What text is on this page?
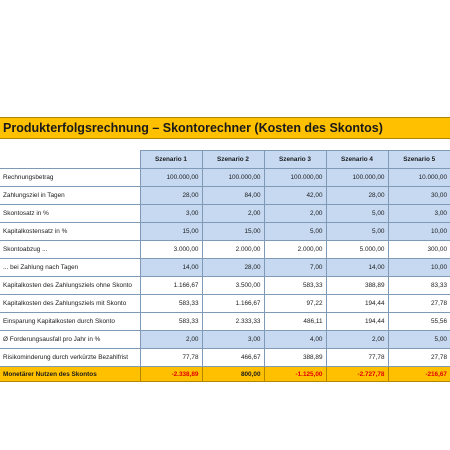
Produkterfolgsrechnung – Skontorechner (Kosten des Skontos)
	Szenario 1	Szenario 2	Szenario 3	Szenario 4	Szenario 5
Rechnungsbetrag	100.000,00	100.000,00	100.000,00	100.000,00	10.000,00
Zahlungsziel in Tagen	28,00	84,00	42,00	28,00	30,00
Skontosatz in %	3,00	2,00	2,00	5,00	3,00
Kapitalkostensatz in %	15,00	15,00	5,00	5,00	10,00
Skontoabzug ...	3.000,00	2.000,00	2.000,00	5.000,00	300,00
... bei Zahlung nach Tagen	14,00	28,00	7,00	14,00	10,00
Kapitalkosten des Zahlungsziels ohne Skonto	1.166,67	3.500,00	583,33	388,89	83,33
Kapitalkosten des Zahlungsziels mit Skonto	583,33	1.166,67	97,22	194,44	27,78
Einsparung Kapitalkosten durch Skonto	583,33	2.333,33	486,11	194,44	55,56
Ø Forderungsausfall pro Jahr in %	2,00	3,00	4,00	2,00	5,00
Risikominderung durch verkürzte Bezahlfrist	77,78	466,67	388,89	77,78	27,78
Monetärer Nutzen des Skontos	-2.338,89	800,00	-1.125,00	-2.727,78	-216,67
